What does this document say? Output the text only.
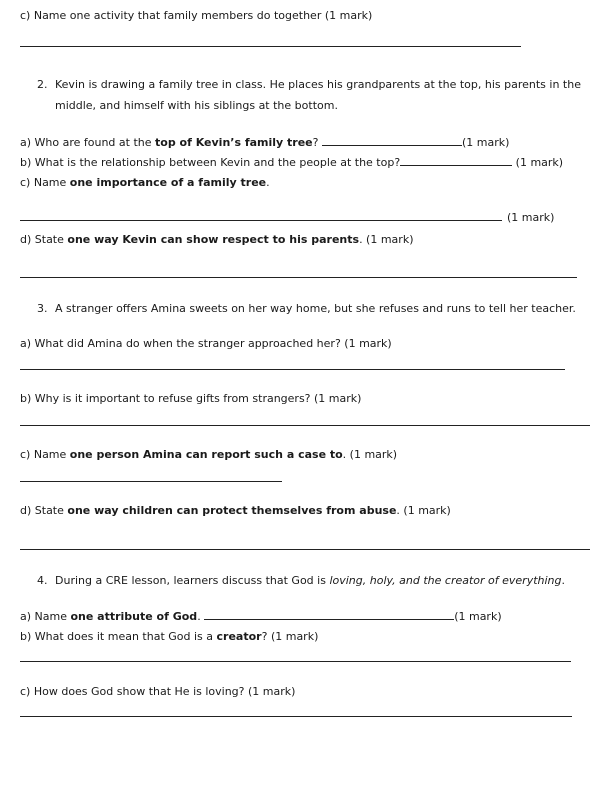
c) Name one activity that family members do together (1 mark)
2. Kevin is drawing a family tree in class. He places his grandparents at the top, his parents in the
middle, and himself with his siblings at the bottom.
a) Who are found at the top of Kevin’s family tree?	(1 mark)
b) What is the relationship between Kevin and the people at the top?	(1 mark)
c) Name one importance of a family tree.
(1 mark)
d) State one way Kevin can show respect to his parents. (1 mark)
3. A stranger offers Amina sweets on her way home, but she refuses and runs to tell her teacher.
a) What did Amina do when the stranger approached her? (1 mark)
b) Why is it important to refuse gifts from strangers? (1 mark)
c) Name one person Amina can report such a case to. (1 mark)
d) State one way children can protect themselves from abuse. (1 mark)
4. During a CRE lesson, learners discuss that God is loving, holy, and the creator of everything.
a) Name one attribute of God.	(1 mark)
b) What does it mean that God is a creator? (1 mark)
c) How does God show that He is loving? (1 mark)
